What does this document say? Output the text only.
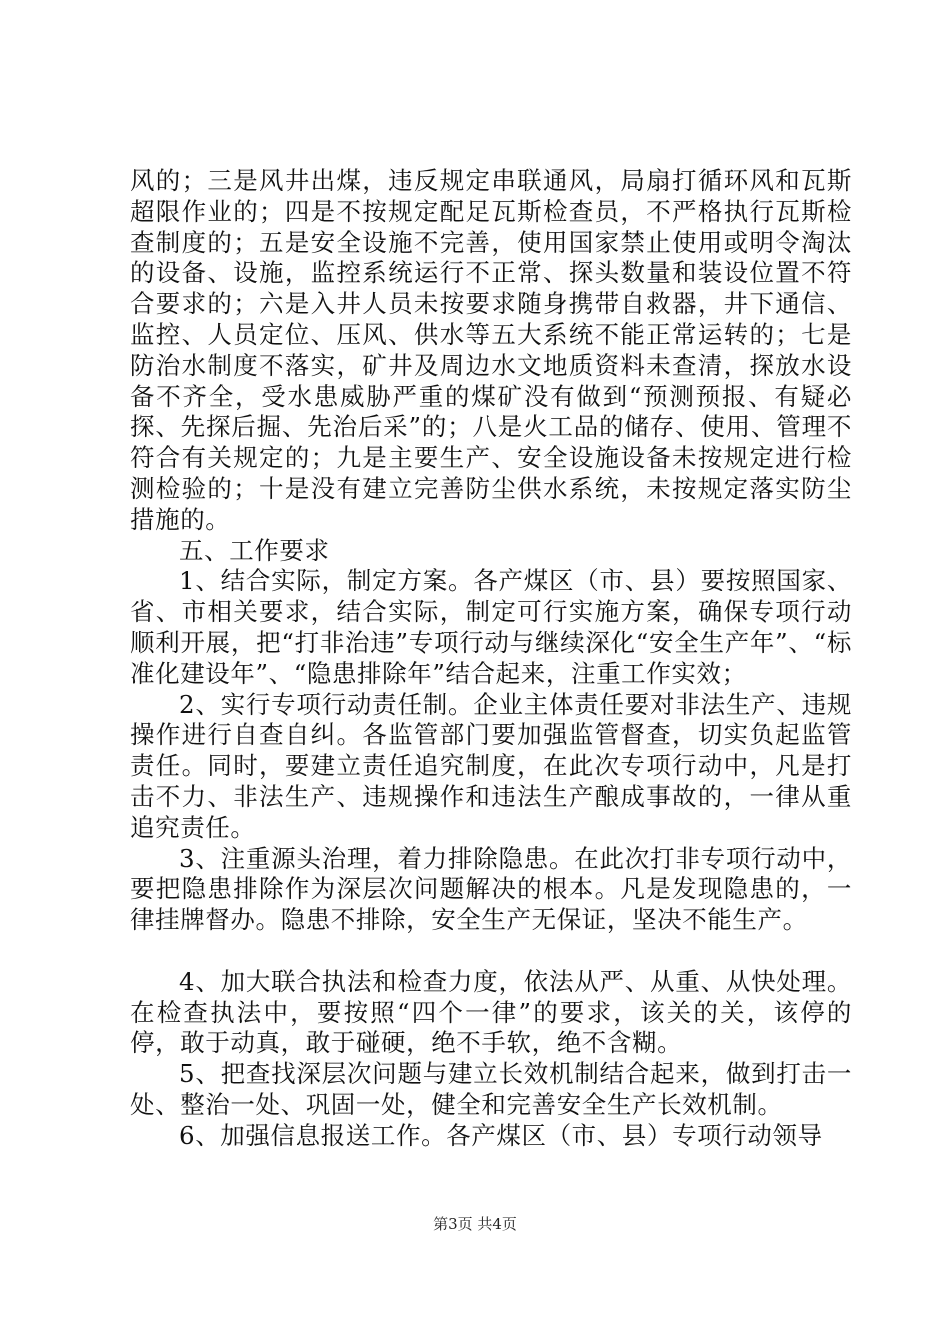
风的；三是风井出煤，违反规定串联通风，局扇打循环风和瓦斯超限作业的；四是不按规定配足瓦斯检查员，不严格执行瓦斯检查制度的；五是安全设施不完善，使用国家禁止使用或明令淘汰的设备、设施，监控系统运行不正常、探头数量和装设位置不符合要求的；六是入井人员未按要求随身携带自救器，井下通信、监控、人员定位、压风、供水等五大系统不能正常运转的；七是防治水制度不落实，矿井及周边水文地质资料未查清，探放水设备不齐全，受水患威胁严重的煤矿没有做到“预测预报、有疑必探、先探后掘、先治后采”的；八是火工品的储存、使用、管理不符合有关规定的；九是主要生产、安全设施设备未按规定进行检测检验的；十是没有建立完善防尘供水系统，未按规定落实防尘措施的。

五、工作要求

1、结合实际，制定方案。各产煤区（市、县）要按照国家、省、市相关要求，结合实际，制定可行实施方案，确保专项行动顺利开展，把“打非治违”专项行动与继续深化“安全生产年”、“标准化建设年”、“隐患排除年”结合起来，注重工作实效；

2、实行专项行动责任制。企业主体责任要对非法生产、违规操作进行自查自纠。各监管部门要加强监管督查，切实负起监管责任。同时，要建立责任追究制度，在此次专项行动中，凡是打击不力、非法生产、违规操作和违法生产酿成事故的，一律从重追究责任。

3、注重源头治理，着力排除隐患。在此次打非专项行动中，要把隐患排除作为深层次问题解决的根本。凡是发现隐患的，一律挂牌督办。隐患不排除，安全生产无保证，坚决不能生产。

4、加大联合执法和检查力度，依法从严、从重、从快处理。在检查执法中，要按照“四个一律”的要求，该关的关，该停的停，敢于动真，敢于碰硬，绝不手软，绝不含糊。

5、把查找深层次问题与建立长效机制结合起来，做到打击一处、整治一处、巩固一处，健全和完善安全生产长效机制。

6、加强信息报送工作。各产煤区（市、县）专项行动领导

第3页 共4页
